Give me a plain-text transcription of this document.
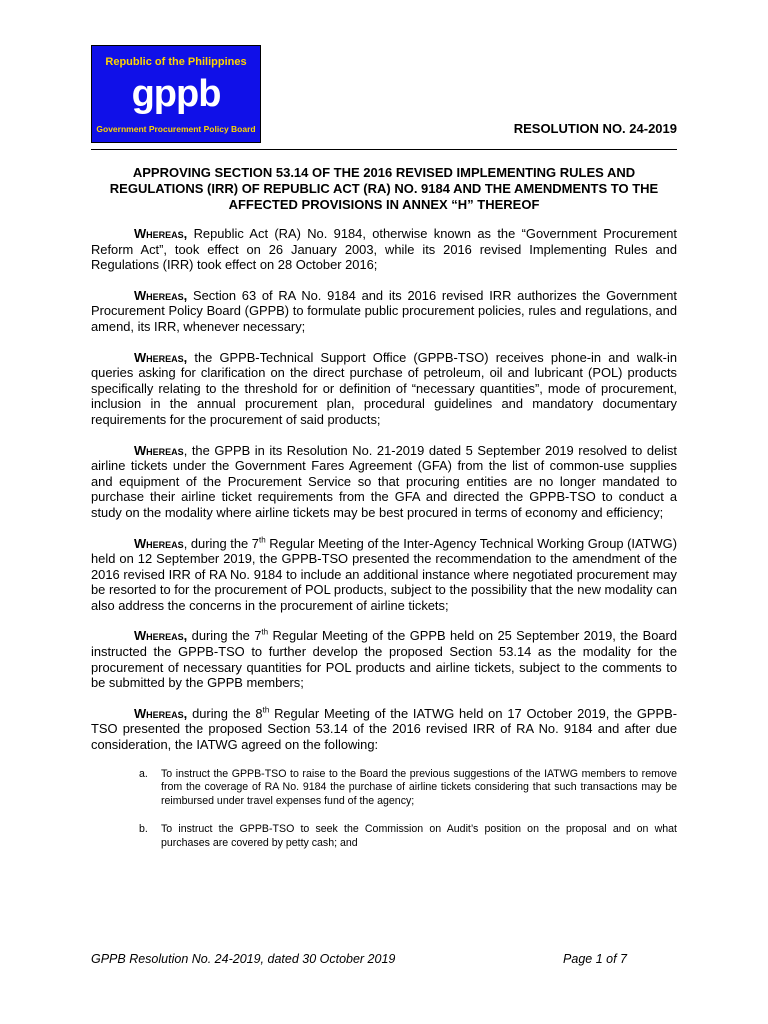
Republic of the Philippines
gppb
Government Procurement Policy Board	RESOLUTION NO. 24-2019
APPROVING SECTION 53.14 OF THE 2016 REVISED IMPLEMENTING RULES AND REGULATIONS (IRR) OF REPUBLIC ACT (RA) NO. 9184 AND THE AMENDMENTS TO THE AFFECTED PROVISIONS IN ANNEX “H” THEREOF

Whereas, Republic Act (RA) No. 9184, otherwise known as the “Government Procurement Reform Act”, took effect on 26 January 2003, while its 2016 revised Implementing Rules and Regulations (IRR) took effect on 28 October 2016;

Whereas, Section 63 of RA No. 9184 and its 2016 revised IRR authorizes the Government Procurement Policy Board (GPPB) to formulate public procurement policies, rules and regulations, and amend, its IRR, whenever necessary;

Whereas, the GPPB-Technical Support Office (GPPB-TSO) receives phone-in and walk-in queries asking for clarification on the direct purchase of petroleum, oil and lubricant (POL) products specifically relating to the threshold for or definition of “necessary quantities”, mode of procurement, inclusion in the annual procurement plan, procedural guidelines and mandatory documentary requirements for the procurement of said products;

Whereas, the GPPB in its Resolution No. 21-2019 dated 5 September 2019 resolved to delist airline tickets under the Government Fares Agreement (GFA) from the list of common-use supplies and equipment of the Procurement Service so that procuring entities are no longer mandated to purchase their airline ticket requirements from the GFA and directed the GPPB-TSO to conduct a study on the modality where airline tickets may be best procured in terms of economy and efficiency;

Whereas, during the 7th Regular Meeting of the Inter-Agency Technical Working Group (IATWG) held on 12 September 2019, the GPPB-TSO presented the recommendation to the amendment of the 2016 revised IRR of RA No. 9184 to include an additional instance where negotiated procurement may be resorted to for the procurement of POL products, subject to the possibility that the new modality can also address the concerns in the procurement of airline tickets;

Whereas, during the 7th Regular Meeting of the GPPB held on 25 September 2019, the Board instructed the GPPB-TSO to further develop the proposed Section 53.14 as the modality for the procurement of necessary quantities for POL products and airline tickets, subject to the comments to be submitted by the GPPB members;

Whereas, during the 8th Regular Meeting of the IATWG held on 17 October 2019, the GPPB-TSO presented the proposed Section 53.14 of the 2016 revised IRR of RA No. 9184 and after due consideration, the IATWG agreed on the following:

a. To instruct the GPPB-TSO to raise to the Board the previous suggestions of the IATWG members to remove from the coverage of RA No. 9184 the purchase of airline tickets considering that such transactions may be reimbursed under travel expenses fund of the agency;
b. To instruct the GPPB-TSO to seek the Commission on Audit’s position on the proposal and on what purchases are covered by petty cash; and
GPPB Resolution No. 24-2019, dated 30 October 2019	Page 1 of 7
